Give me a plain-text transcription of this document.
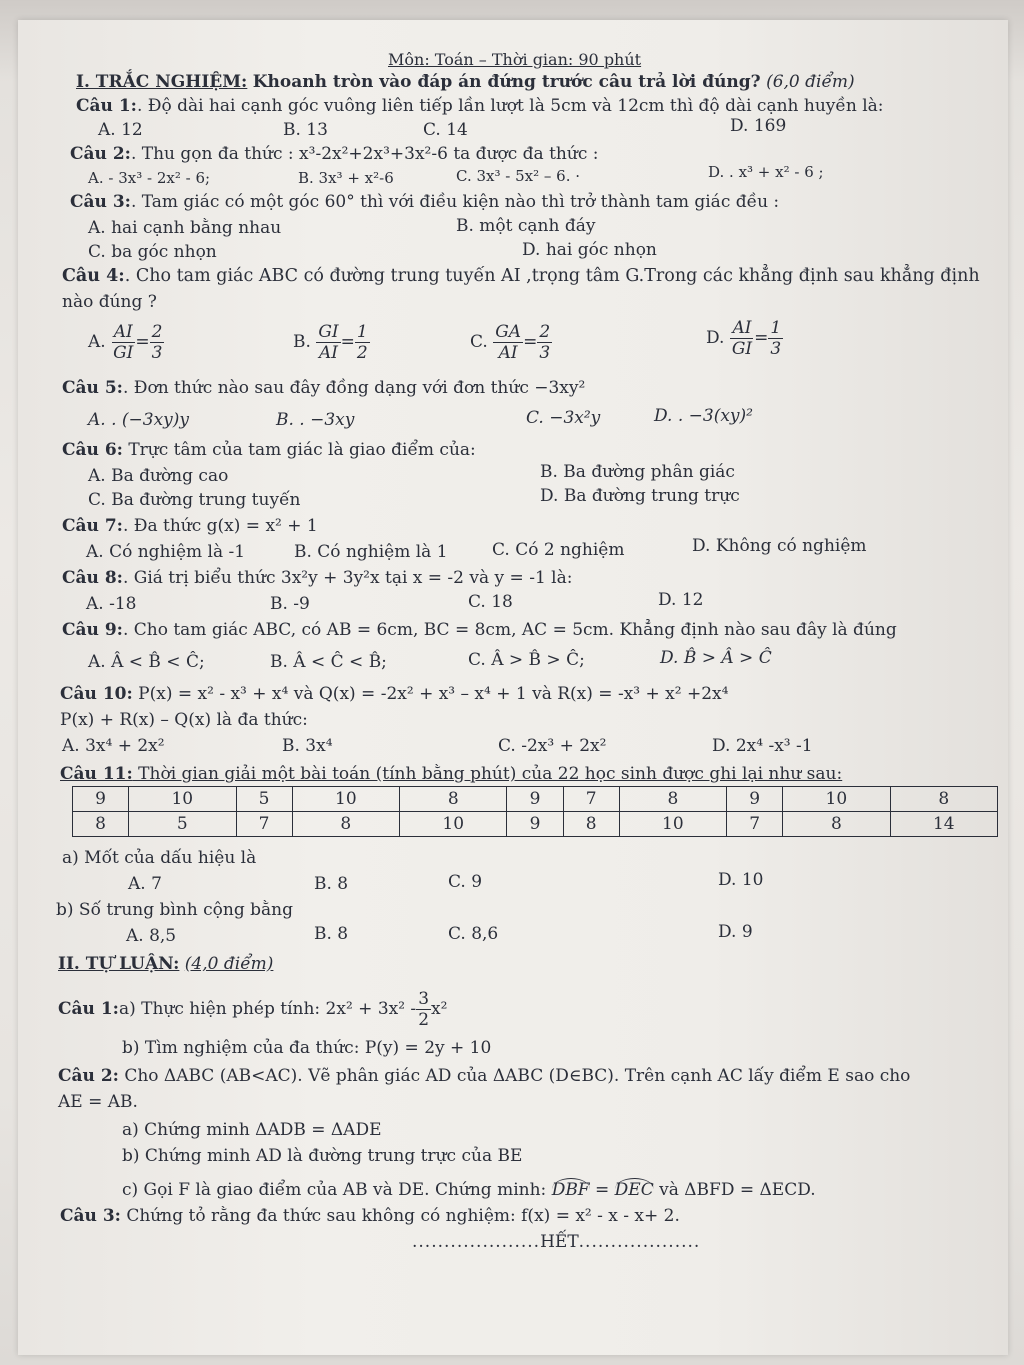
Môn: Toán – Thời gian: 90 phút
I. TRẮC NGHIỆM: Khoanh tròn vào đáp án đứng trước câu trả lời đúng? (6,0 điểm)
Câu 1:. Độ dài hai cạnh góc vuông liên tiếp lần lượt là 5cm và 12cm thì độ dài cạnh huyền là:
A. 12	B. 13	C. 14	D. 169
Câu 2:. Thu gọn đa thức : x³-2x²+2x³+3x²-6 ta được đa thức :
A. - 3x³ - 2x² - 6;	B. 3x³ + x²-6	C. 3x³ - 5x² – 6. ·	D. . x³ + x² - 6 ;
Câu 3:. Tam giác có một góc 60° thì với điều kiện nào thì trở thành tam giác đều :
A. hai cạnh bằng nhau	B. một cạnh đáy
C. ba góc nhọn	D. hai góc nhọn
Câu 4:. Cho tam giác ABC có đường trung tuyến AI ,trọng tâm G.Trong các khẳng định sau khẳng định
nào đúng ?
A.
$\frac{AI}{GI} = \frac{2}{3}$	B.
$\frac{GI}{AI} = \frac{1}{2}$	C.
$\frac{GA}{AI} = \frac{2}{3}$	D.
$\frac{AI}{GI} = \frac{1}{3}$
Câu 5:. Đơn thức nào sau đây đồng dạng với đơn thức −3xy²
A. . (−3xy)y	B. . −3xy	C. −3x²y	D. . −3(xy)²
Câu 6: Trực tâm của tam giác là giao điểm của:
A. Ba đường cao	B. Ba đường phân giác
C. Ba đường trung tuyến	D. Ba đường trung trực
Câu 7:. Đa thức g(x) = x² + 1
A. Có nghiệm là -1	B. Có nghiệm là 1	C. Có 2 nghiệm	D. Không có nghiệm
Câu 8:. Giá trị biểu thức 3x²y + 3y²x tại x = -2 và y = -1 là:
A. -18	B. -9	C. 18	D. 12
Câu 9:. Cho tam giác ABC, có AB = 6cm, BC = 8cm, AC = 5cm. Khẳng định nào sau đây là đúng
A. Â < B̂ < Ĉ;	B. Â < Ĉ < B̂;	C. Â > B̂ > Ĉ;	D. B̂ > Â > Ĉ
Câu 10: P(x) = x² - x³ + x⁴ và Q(x) = -2x² + x³ – x⁴ + 1 và R(x) = -x³ + x² +2x⁴
P(x) + R(x) – Q(x) là đa thức:
A. 3x⁴ + 2x²	B. 3x⁴	C. -2x³ + 2x²	D. 2x⁴ -x³ -1
Câu 11: Thời gian giải một bài toán (tính bằng phút) của 22 học sinh được ghi lại như sau:
a) Mốt của dấu hiệu là
A. 7	B. 8	C. 9	D. 10
b) Số trung bình cộng bằng
A. 8,5	B. 8	C. 8,6	D. 9
II. TỰ LUẬN: (4,0 điểm)
Câu 1: a) Thực hiện phép tính: $2x^2 + 3x^2 - \frac{3}{2} x^2$
b) Tìm nghiệm của đa thức: P(y) = 2y + 10
Câu 2: Cho ΔABC (AB<AC). Vẽ phân giác AD của ΔABC (D∈BC). Trên cạnh AC lấy điểm E sao cho
AE = AB.
a) Chứng minh ΔADB = ΔADE
b) Chứng minh AD là đường trung trực của BE
c) Gọi F là giao điểm của AB và DE. Chứng minh: DBF = DEC và ΔBFD = ΔECD.
Câu 3: Chứng tỏ rằng đa thức sau không có nghiệm: f(x) = x² - x - x+ 2.
....................HẾT...................
9	10	5	10	8	9	7	8	9	10	8
8	5	7	8	10	9	8	10	7	8	14
